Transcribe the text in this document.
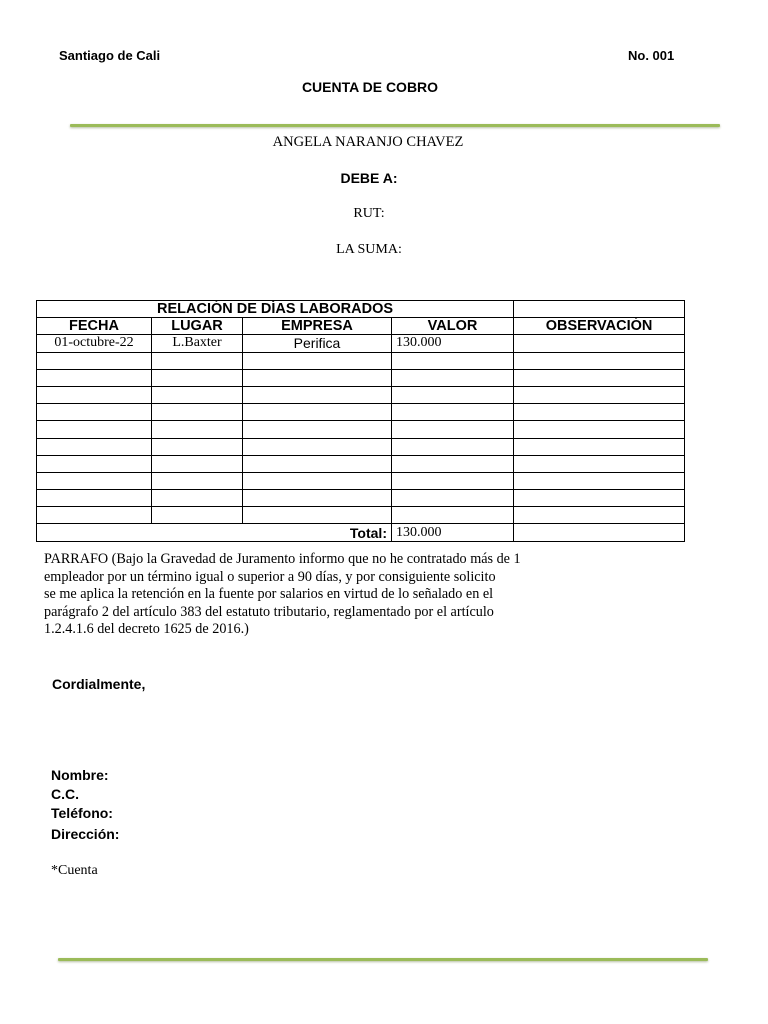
Santiago de Cali	No. 001
CUENTA DE COBRO
ANGELA NARANJO CHAVEZ
DEBE A:
RUT:
LA SUMA:
RELACIÓN DE DÍAS LABORADOS				
FECHA	LUGAR	EMPRESA	VALOR	OBSERVACIÓN
01-octubre-22	L.Baxter	Perifica	130.000	

Total:			130.000	
PARRAFO (Bajo la Gravedad de Juramento informo que no he contratado más de 1
empleador por un término igual o superior a 90 días, y por consiguiente solicito
se me aplica la retención en la fuente por salarios en virtud de lo señalado en el
parágrafo 2 del artículo 383 del estatuto tributario, reglamentado por el artículo
1.2.4.1.6 del decreto 1625 de 2016.)
Cordialmente,
Nombre:
C.C.
Teléfono:
Dirección:
*Cuenta
